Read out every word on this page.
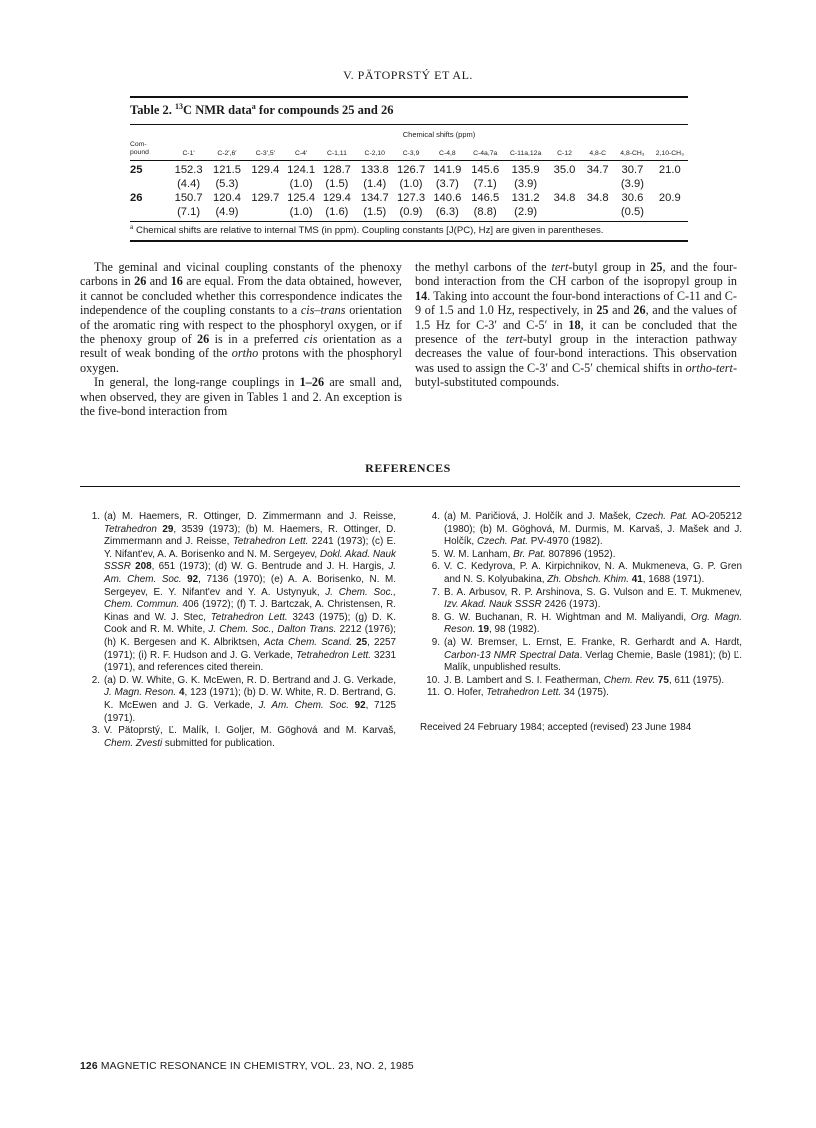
V. PÄTOPRSTÝ ET AL.
Table 2. $^{13}$C NMR data$^a$ for compounds 25 and 26
Chemical shifts (ppm)
Com-
pound	C-1'	C-2',6'	C-3',5'	C-4'	C-1,11	C-2,10	C-3,9	C-4,8	C-4a,7a	C-11a,12a	C-12	4,8-C	4,8-CH₃	2,10-CH₃

25	152.3	121.5	129.4	124.1	128.7	133.8	126.7	141.9	145.6	135.9	35.0	34.7	30.7	21.0
	(4.4)	(5.3)		(1.0)	(1.5)	(1.4)	(1.0)	(3.7)	(7.1)	(3.9)			(3.9)	
26	150.7	120.4	129.7	125.4	129.4	134.7	127.3	140.6	146.5	131.2	34.8	34.8	30.6	20.9
	(7.1)	(4.9)		(1.0)	(1.6)	(1.5)	(0.9)	(6.3)	(8.8)	(2.9)			(0.5)	
$^a$ Chemical shifts are relative to internal TMS (in ppm). Coupling constants [J(PC), Hz] are given in parentheses.

The geminal and vicinal coupling constants of the phenoxy carbons in 26 and 16 are equal. From the data obtained, however, it cannot be concluded whether this correspondence indicates the independence of the coupling constants to a cis–trans orientation of the aromatic ring with respect to the phosphoryl oxygen, or if the phenoxy group of 26 is in a preferred cis orientation as a result of weak bonding of the ortho protons with the phosphoryl oxygen.

In general, the long-range couplings in 1–26 are small and, when observed, they are given in Tables 1 and 2. An exception is the five-bond interaction from

the methyl carbons of the tert-butyl group in 25, and the four-bond interaction from the CH carbon of the isopropyl group in 14. Taking into account the four-bond interactions of C-11 and C-9 of 1.5 and 1.0 Hz, respectively, in 25 and 26, and the values of 1.5 Hz for C-3′ and C-5′ in 18, it can be concluded that the presence of the tert-butyl group in the interaction pathway decreases the value of four-bond interactions. This observation was used to assign the C-3′ and C-5′ chemical shifts in ortho-tert-butyl-substituted compounds.

REFERENCES

1. (a) M. Haemers, R. Ottinger, D. Zimmermann and J. Reisse, Tetrahedron 29, 3539 (1973); (b) M. Haemers, R. Ottinger, D. Zimmermann and J. Reisse, Tetrahedron Lett. 2241 (1973); (c) E. Y. Nifant'ev, A. A. Borisenko and N. M. Sergeyev, Dokl. Akad. Nauk SSSR 208, 651 (1973); (d) W. G. Bentrude and J. H. Hargis, J. Am. Chem. Soc. 92, 7136 (1970); (e) A. A. Borisenko, N. M. Sergeyev, E. Y. Nifant'ev and Y. A. Ustynyuk, J. Chem. Soc., Chem. Commun. 406 (1972); (f) T. J. Bartczak, A. Christensen, R. Kinas and W. J. Stec, Tetrahedron Lett. 3243 (1975); (g) D. K. Cook and R. M. White, J. Chem. Soc., Dalton Trans. 2212 (1976); (h) K. Bergesen and K. Albriktsen, Acta Chem. Scand. 25, 2257 (1971); (i) R. F. Hudson and J. G. Verkade, Tetrahedron Lett. 3231 (1971), and references cited therein.

2. (a) D. W. White, G. K. McEwen, R. D. Bertrand and J. G. Verkade, J. Magn. Reson. 4, 123 (1971); (b) D. W. White, R. D. Bertrand, G. K. McEwen and J. G. Verkade, J. Am. Chem. Soc. 92, 7125 (1971).

3. V. Pätoprstý, Ľ. Malík, I. Goljer, M. Göghová and M. Karvaš, Chem. Zvesti submitted for publication.

4. (a) M. Paričiová, J. Holčík and J. Mašek, Czech. Pat. AO-205212 (1980); (b) M. Göghová, M. Durmis, M. Karvaš, J. Mašek and J. Holčík, Czech. Pat. PV-4970 (1982).

5. W. M. Lanham, Br. Pat. 807896 (1952).

6. V. C. Kedyrova, P. A. Kirpichnikov, N. A. Mukmeneva, G. P. Gren and N. S. Kolyubakina, Zh. Obshch. Khim. 41, 1688 (1971).

7. B. A. Arbusov, R. P. Arshinova, S. G. Vulson and E. T. Mukmenev, Izv. Akad. Nauk SSSR 2426 (1973).

8. G. W. Buchanan, R. H. Wightman and M. Maliyandi, Org. Magn. Reson. 19, 98 (1982).

9. (a) W. Bremser, L. Ernst, E. Franke, R. Gerhardt and A. Hardt, Carbon-13 NMR Spectral Data. Verlag Chemie, Basle (1981); (b) Ľ. Malík, unpublished results.

10. J. B. Lambert and S. I. Featherman, Chem. Rev. 75, 611 (1975).

11. O. Hofer, Tetrahedron Lett. 34 (1975).

Received 24 February 1984; accepted (revised) 23 June 1984
126 MAGNETIC RESONANCE IN CHEMISTRY, VOL. 23, NO. 2, 1985
